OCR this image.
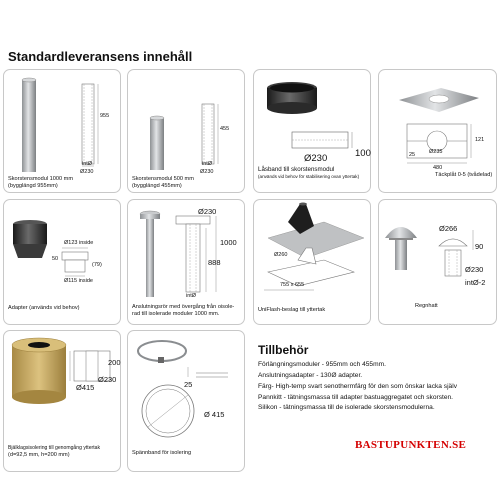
Standardleveransens innehåll
955
intØ
Ø230
Skorstensmodul 1000 mm
(bygglängd 955mm)
455
intØ
Ø230
Skorstensmodul 500 mm
(bygglängd 455mm)
Ø230	100
Låsband till skorstensmodul
(används vid behov för stabilisering ovan yttertak)
Ø235
480
121
25
Täckplåt 0-5 (tvådelad)
Ø123 inside
50
(79)
Ø115 inside
Adapter (används vid behov)
Ø230
1000
888
intØ
Anslutningsrör med övergång från oisole-
rad till isolerade moduler 1000 mm.
Ø260
755 x 655
UniFlash-beslag till yttertak
Ø266
90
Ø230
intØ-2
Regnhatt
200
Ø230
Ø415
Bjälklagsisolering till genomgång yttertak
(d=92,5 mm, h=200 mm)
25
Ø 415
Spännband för isolering
Tillbehör
Förlängningsmoduler - 955mm och 455mm.
Anslutningsadapter - 130Ø adapter.
Färg- High-temp svart senothermfärg för den som önskar lacka själv
Pannkitt - tätningsmassa till adapter bastuaggregatet och skorsten.
Silikon - tätningsmassa till de isolerade skorstensmodulerna.
BASTUPUNKTEN.SE
